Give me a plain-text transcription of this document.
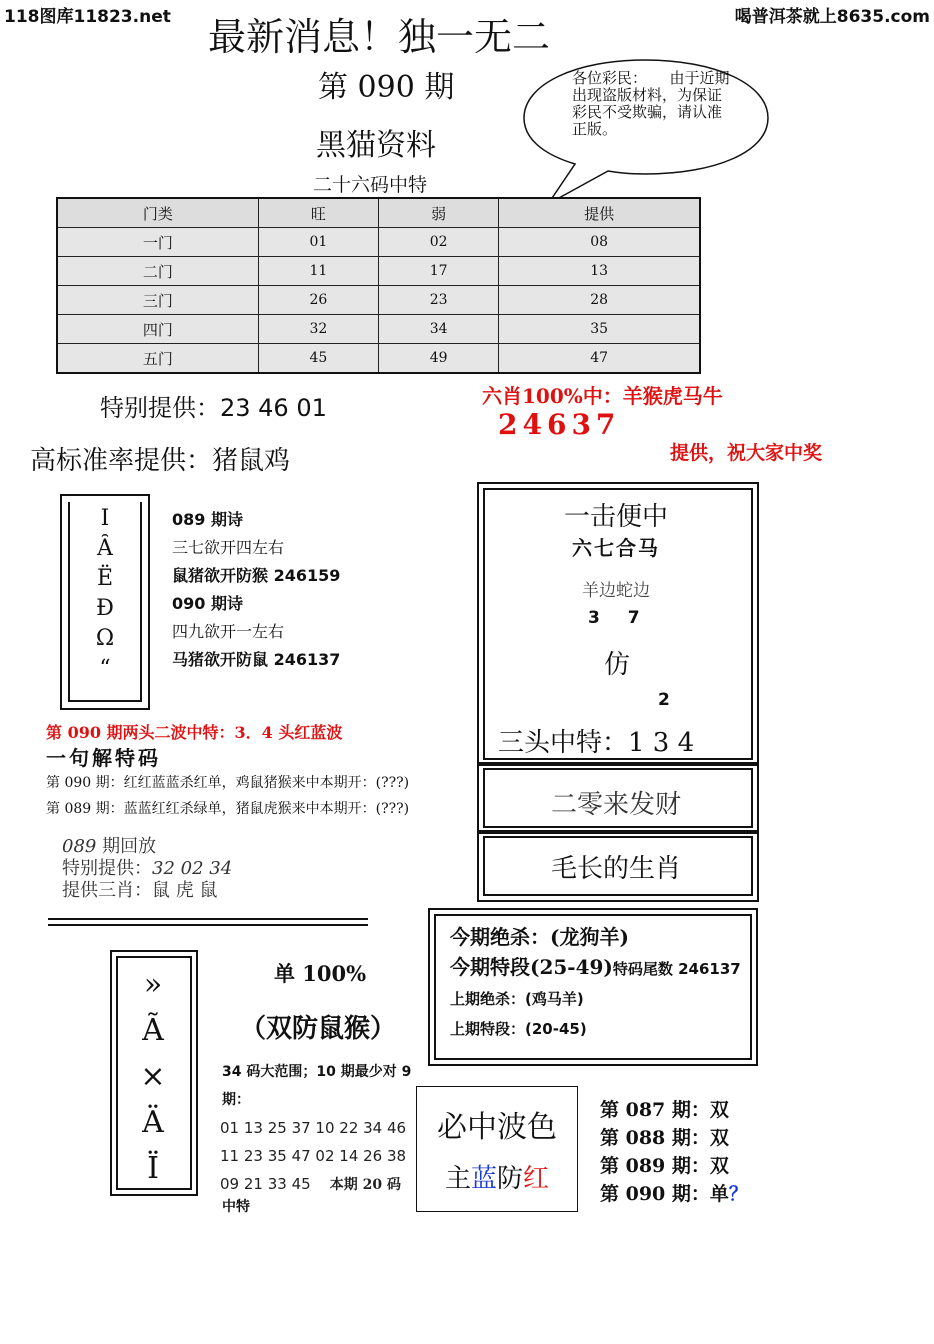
118图库11823.net	喝普洱茶就上8635.com
最新消息！独一无二
第 090 期
黑猫资料
二十六码中特
各位彩民：　　由于近期出现盗版材料，为保证彩民不受欺骗，请认准正版。
门类	旺	弱	提供
一门	01	02	08
二门	11	17	13
三门	26	23	28
四门	32	34	35
五门	45	49	47
特别提供：23 46 01	六肖100%中：羊猴虎马牛
24637
提供，祝大家中奖
高标准率提供：猪鼠鸡
Ⅰ
Ȃ
Ë
Ð
Ω
“
089 期诗
三七欲开四左右
鼠猪欲开防猴 246159
090 期诗
四九欲开一左右
马猪欲开防鼠 246137
第 090 期两头二波中特：3．4 头红蓝波
一句解特码
第 090 期：红红蓝蓝杀红单，鸡鼠猪猴来中本期开：(???)
第 089 期：蓝蓝红红杀绿单，猪鼠虎猴来中本期开：(???)
089 期回放
特别提供：32 02 34
提供三肖：鼠 虎 鼠
一击便中
六七合马
羊边蛇边
3 7
仿
2
三头中特：1 3 4
二零来发财
毛长的生肖
今期绝杀：(龙狗羊)
今期特段(25-49)特码尾数 246137
上期绝杀：(鸡马羊)
上期特段：(20-45)
»
Ã
×
Ä
Ï
单 100%
（双防鼠猴）
34 码大范围；10 期最少对 9 期：
01 13 25 37 10 22 34 46
11 23 35 47 02 14 26 38
09 21 33 45 本期 20 码
中特
必中波色
主蓝防红
第 087 期：双
第 088 期：双
第 089 期：双
第 090 期：单？
